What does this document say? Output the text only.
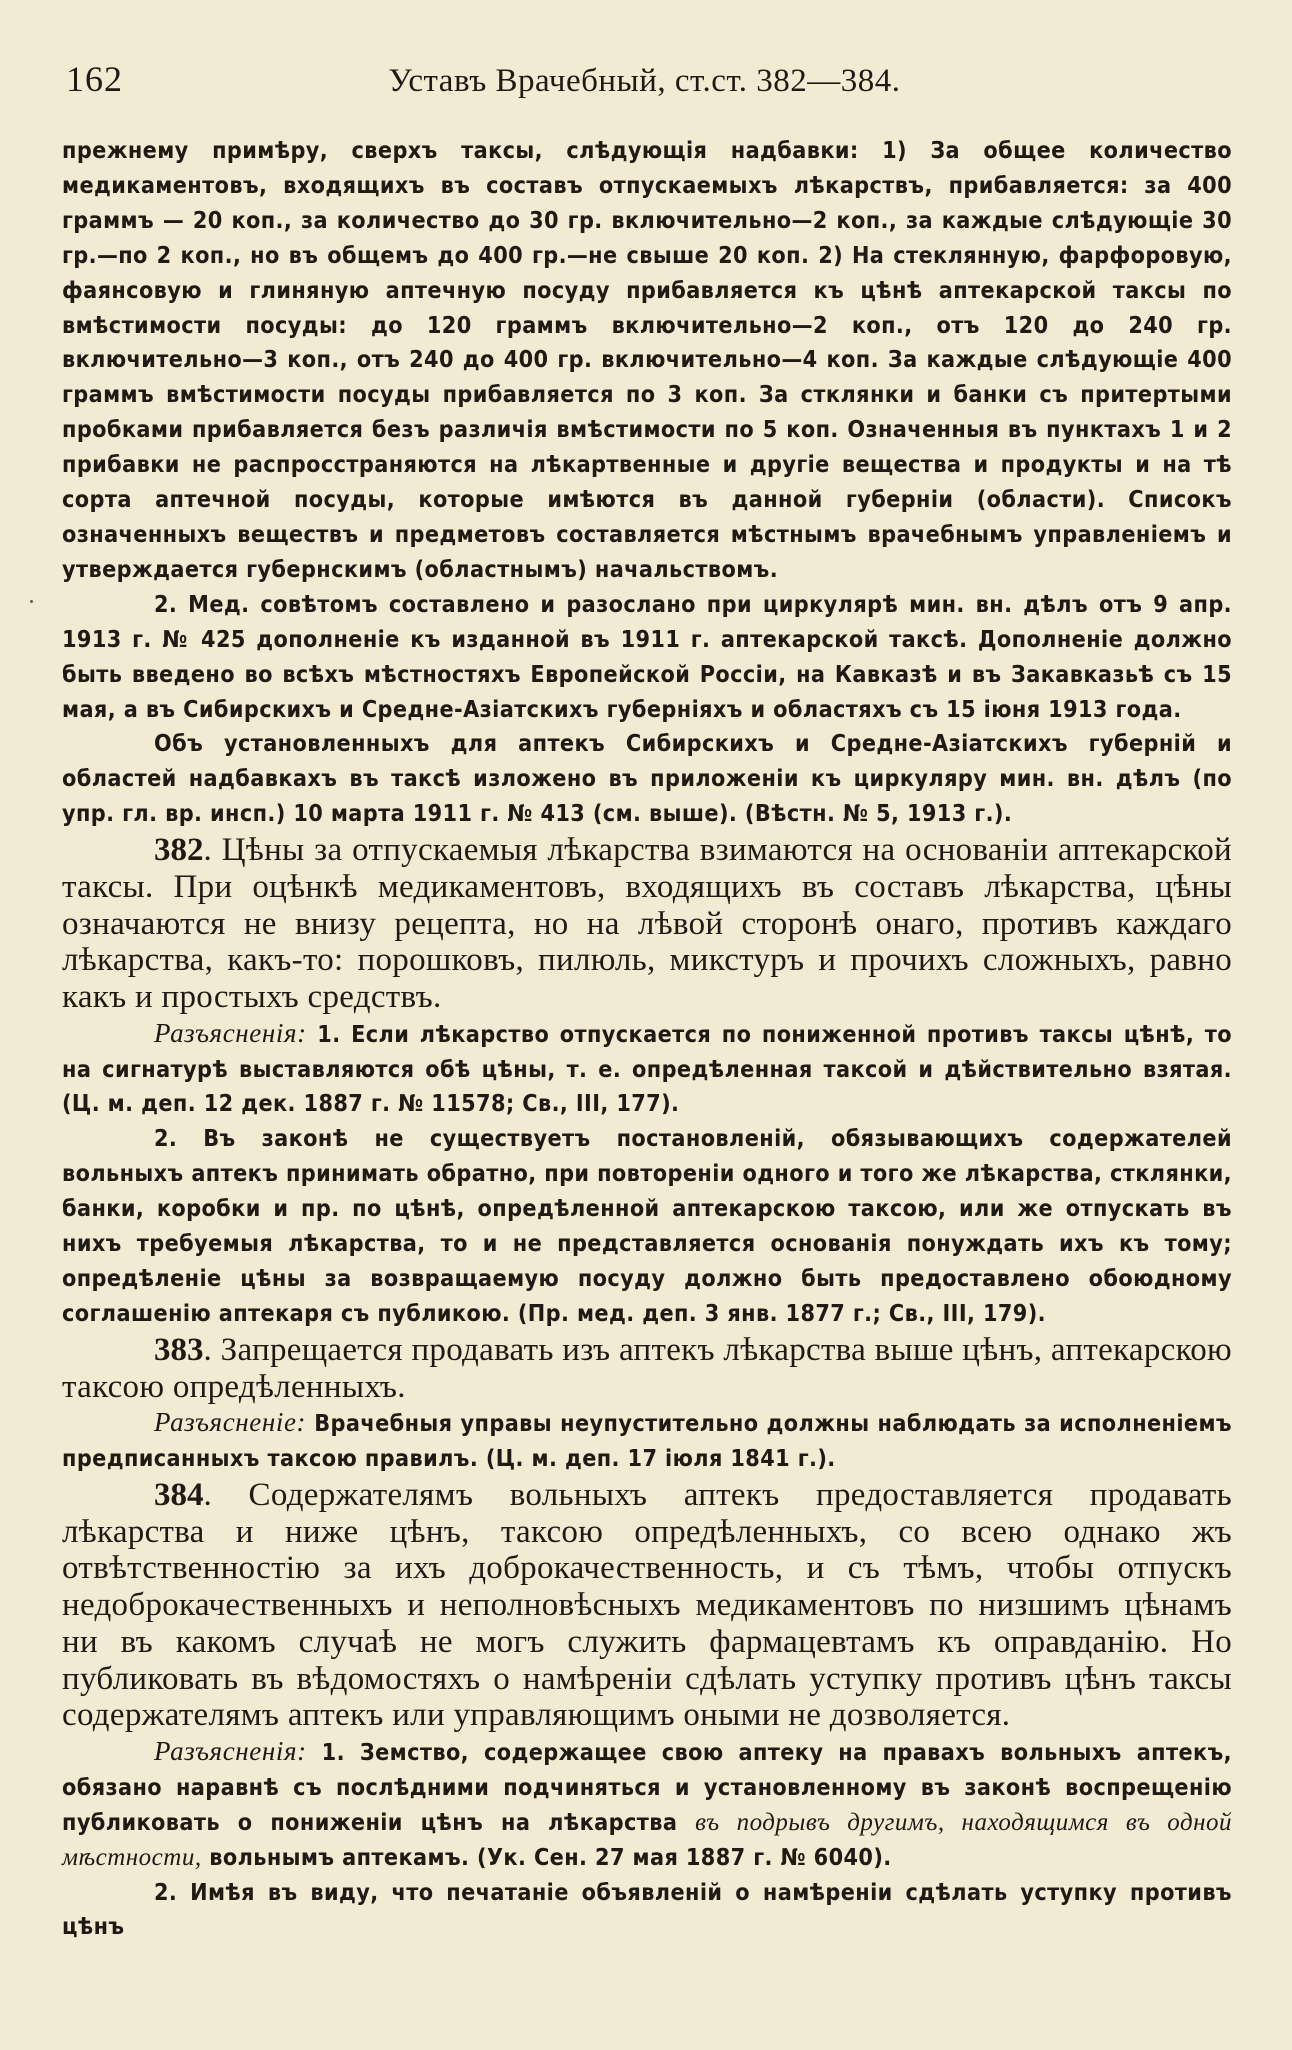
162	Уставъ Врачебный, ст.ст. 382—384.

прежнему примѣру, сверхъ таксы, слѣдующія надбавки: 1) За общее количество медикаментовъ, входящихъ въ составъ отпускаемыхъ лѣкарствъ, прибавляется: за 400 граммъ — 20 коп., за количество до 30 гр. включительно—2 коп., за каждые слѣдующіе 30 гр.—по 2 коп., но въ общемъ до 400 гр.—не свыше 20 коп. 2) На стеклянную, фарфоровую, фаянсовую и глиняную аптечную посуду прибавляется къ цѣнѣ аптекарской таксы по вмѣстимости посуды: до 120 граммъ включительно—2 коп., отъ 120 до 240 гр. включительно—3 коп., отъ 240 до 400 гр. включительно—4 коп. За каждые слѣдующіе 400 граммъ вмѣстимости посуды прибавляется по 3 коп. За стклянки и банки съ притертыми пробками прибавляется безъ различія вмѣстимости по 5 коп. Означенныя въ пунктахъ 1 и 2 прибавки не распросстраняются на лѣкартвенные и другіе вещества и продукты и на тѣ сорта аптечной посуды, которые имѣются въ данной губерніи (области). Списокъ означенныхъ веществъ и предметовъ составляется мѣстнымъ врачебнымъ управленіемъ и утверждается губернскимъ (областнымъ) начальствомъ.

2. Мед. совѣтомъ составлено и разослано при циркулярѣ мин. вн. дѣлъ отъ 9 апр. 1913 г. № 425 дополненіе къ изданной въ 1911 г. аптекарской таксѣ. Дополненіе должно быть введено во всѣхъ мѣстностяхъ Европейской Россіи, на Кавказѣ и въ Закавказьѣ съ 15 мая, а въ Сибирскихъ и Средне-Азіатскихъ губерніяхъ и областяхъ съ 15 іюня 1913 года.

Объ установленныхъ для аптекъ Сибирскихъ и Средне-Азіатскихъ губерній и областей надбавкахъ въ таксѣ изложено въ приложеніи къ циркуляру мин. вн. дѣлъ (по упр. гл. вр. инсп.) 10 марта 1911 г. № 413 (см. выше). (Вѣстн. № 5, 1913 г.).

382. Цѣны за отпускаемыя лѣкарства взимаются на основаніи аптекарской таксы. При оцѣнкѣ медикаментовъ, входящихъ въ составъ лѣкарства, цѣны означаются не внизу рецепта, но на лѣвой сторонѣ онаго, противъ каждаго лѣкарства, какъ-то: порошковъ, пилюль, микстуръ и прочихъ сложныхъ, равно какъ и простыхъ средствъ.

Разъясненія: 1. Если лѣкарство отпускается по пониженной противъ таксы цѣнѣ, то на сигнатурѣ выставляются обѣ цѣны, т. е. опредѣленная таксой и дѣйствительно взятая. (Ц. м. деп. 12 дек. 1887 г. № 11578; Св., III, 177).

2. Въ законѣ не существуетъ постановленій, обязывающихъ содержателей вольныхъ аптекъ принимать обратно, при повтореніи одного и того же лѣкарства, стклянки, банки, коробки и пр. по цѣнѣ, опредѣленной аптекарскою таксою, или же отпускать въ нихъ требуемыя лѣкарства, то и не представляется основанія понуждать ихъ къ тому; опредѣленіе цѣны за возвращаемую посуду должно быть предоставлено обоюдному соглашенію аптекаря съ публикою. (Пр. мед. деп. 3 янв. 1877 г.; Св., III, 179).

383. Запрещается продавать изъ аптекъ лѣкарства выше цѣнъ, аптекарскою таксою опредѣленныхъ.

Разъясненіе: Врачебныя управы неупустительно должны наблюдать за исполненіемъ предписанныхъ таксою правилъ. (Ц. м. деп. 17 іюля 1841 г.).

384. Содержателямъ вольныхъ аптекъ предоставляется продавать лѣкарства и ниже цѣнъ, таксою опредѣленныхъ, со всею однако жъ отвѣтственностію за ихъ доброкачественность, и съ тѣмъ, чтобы отпускъ недоброкачественныхъ и неполновѣсныхъ медикаментовъ по низшимъ цѣнамъ ни въ какомъ случаѣ не могъ служить фармацевтамъ къ оправданію. Но публиковать въ вѣдомостяхъ о намѣреніи сдѣлать уступку противъ цѣнъ таксы содержателямъ аптекъ или управляющимъ оными не дозволяется.

Разъясненія: 1. Земство, содержащее свою аптеку на правахъ вольныхъ аптекъ, обязано наравнѣ съ послѣдними подчиняться и установленному въ законѣ воспрещенію публиковать о пониженіи цѣнъ на лѣкарства въ подрывъ другимъ, находящимся въ одной мѣстности, вольнымъ аптекамъ. (Ук. Сен. 27 мая 1887 г. № 6040).

2. Имѣя въ виду, что печатаніе объявленій о намѣреніи сдѣлать уступку противъ цѣнъ
